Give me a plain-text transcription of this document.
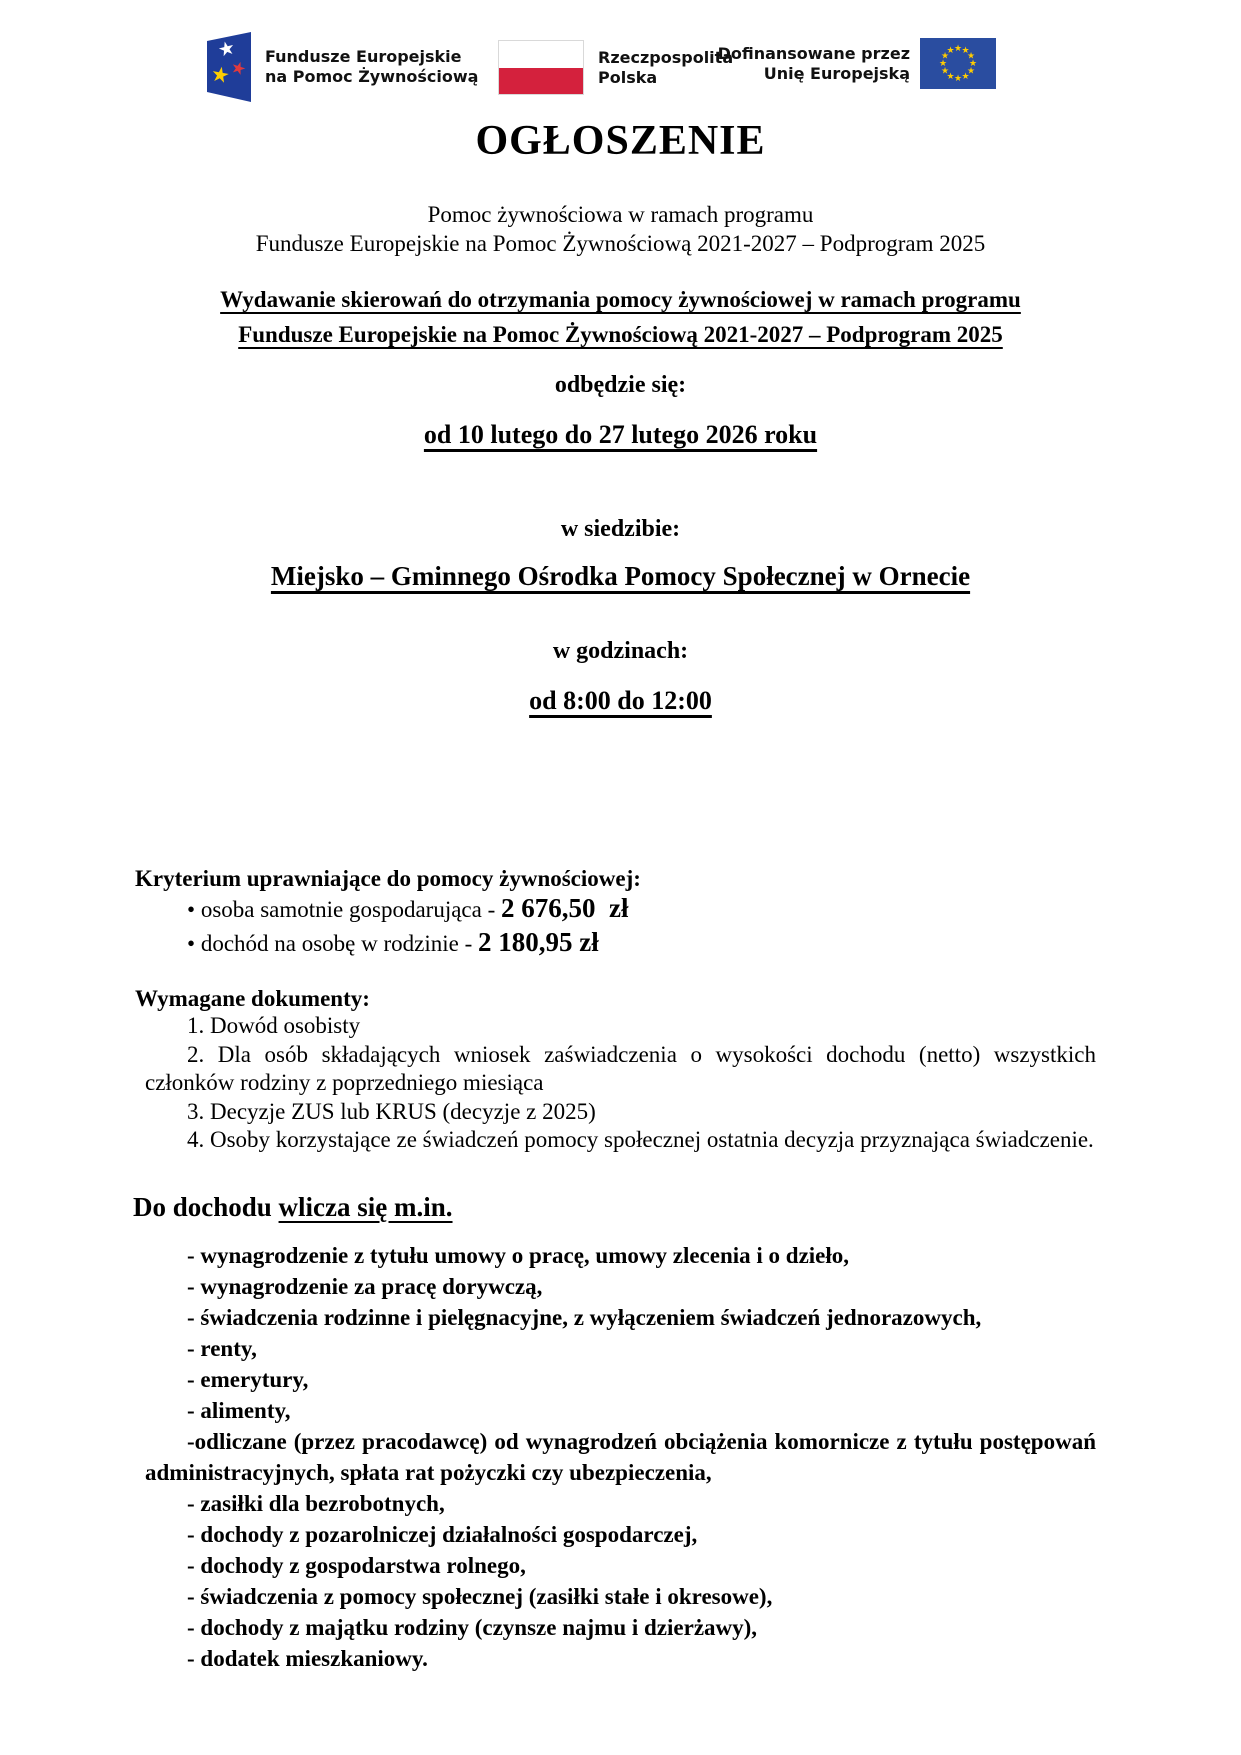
★
★
★
Fundusze Europejskie
na Pomoc Żywnościową
Rzeczpospolita
Polska
Dofinansowane przez
Unię Europejską
★ ★
★
★
★
★
★
★
★
★
★
★
OGŁOSZENIE
Pomoc żywnościowa w ramach programu
Fundusze Europejskie na Pomoc Żywnościową 2021-2027 – Podprogram 2025
Wydawanie skierowań do otrzymania pomocy żywnościowej w ramach programu
Fundusze Europejskie na Pomoc Żywnościową 2021-2027 – Podprogram 2025
odbędzie się:
od 10 lutego do 27 lutego 2026 roku
w siedzibie:
Miejsko – Gminnego Ośrodka Pomocy Społecznej w Ornecie
w godzinach:
od 8:00 do 12:00
Kryterium uprawniające do pomocy żywnościowej:
• osoba samotnie gospodarująca - 2 676,50  zł
• dochód na osobę w rodzinie - 2 180,95 zł
Wymagane dokumenty:
1. Dowód osobisty
2. Dla osób składających wniosek zaświadczenia o wysokości dochodu (netto) wszystkich członków rodziny z poprzedniego miesiąca
3. Decyzje ZUS lub KRUS (decyzje z 2025)
4. Osoby korzystające ze świadczeń pomocy społecznej ostatnia decyzja przyznająca świadczenie.
Do dochodu wlicza się m.in.
- wynagrodzenie z tytułu umowy o pracę, umowy zlecenia i o dzieło,
- wynagrodzenie za pracę dorywczą,
- świadczenia rodzinne i pielęgnacyjne, z wyłączeniem świadczeń jednorazowych,
- renty,
- emerytury,
- alimenty,
-odliczane (przez pracodawcę) od wynagrodzeń obciążenia komornicze z tytułu postępowań administracyjnych, spłata rat pożyczki czy ubezpieczenia,
- zasiłki dla bezrobotnych,
- dochody z pozarolniczej działalności gospodarczej,
- dochody z gospodarstwa rolnego,
- świadczenia z pomocy społecznej (zasiłki stałe i okresowe),
- dochody z majątku rodziny (czynsze najmu i dzierżawy),
- dodatek mieszkaniowy.
